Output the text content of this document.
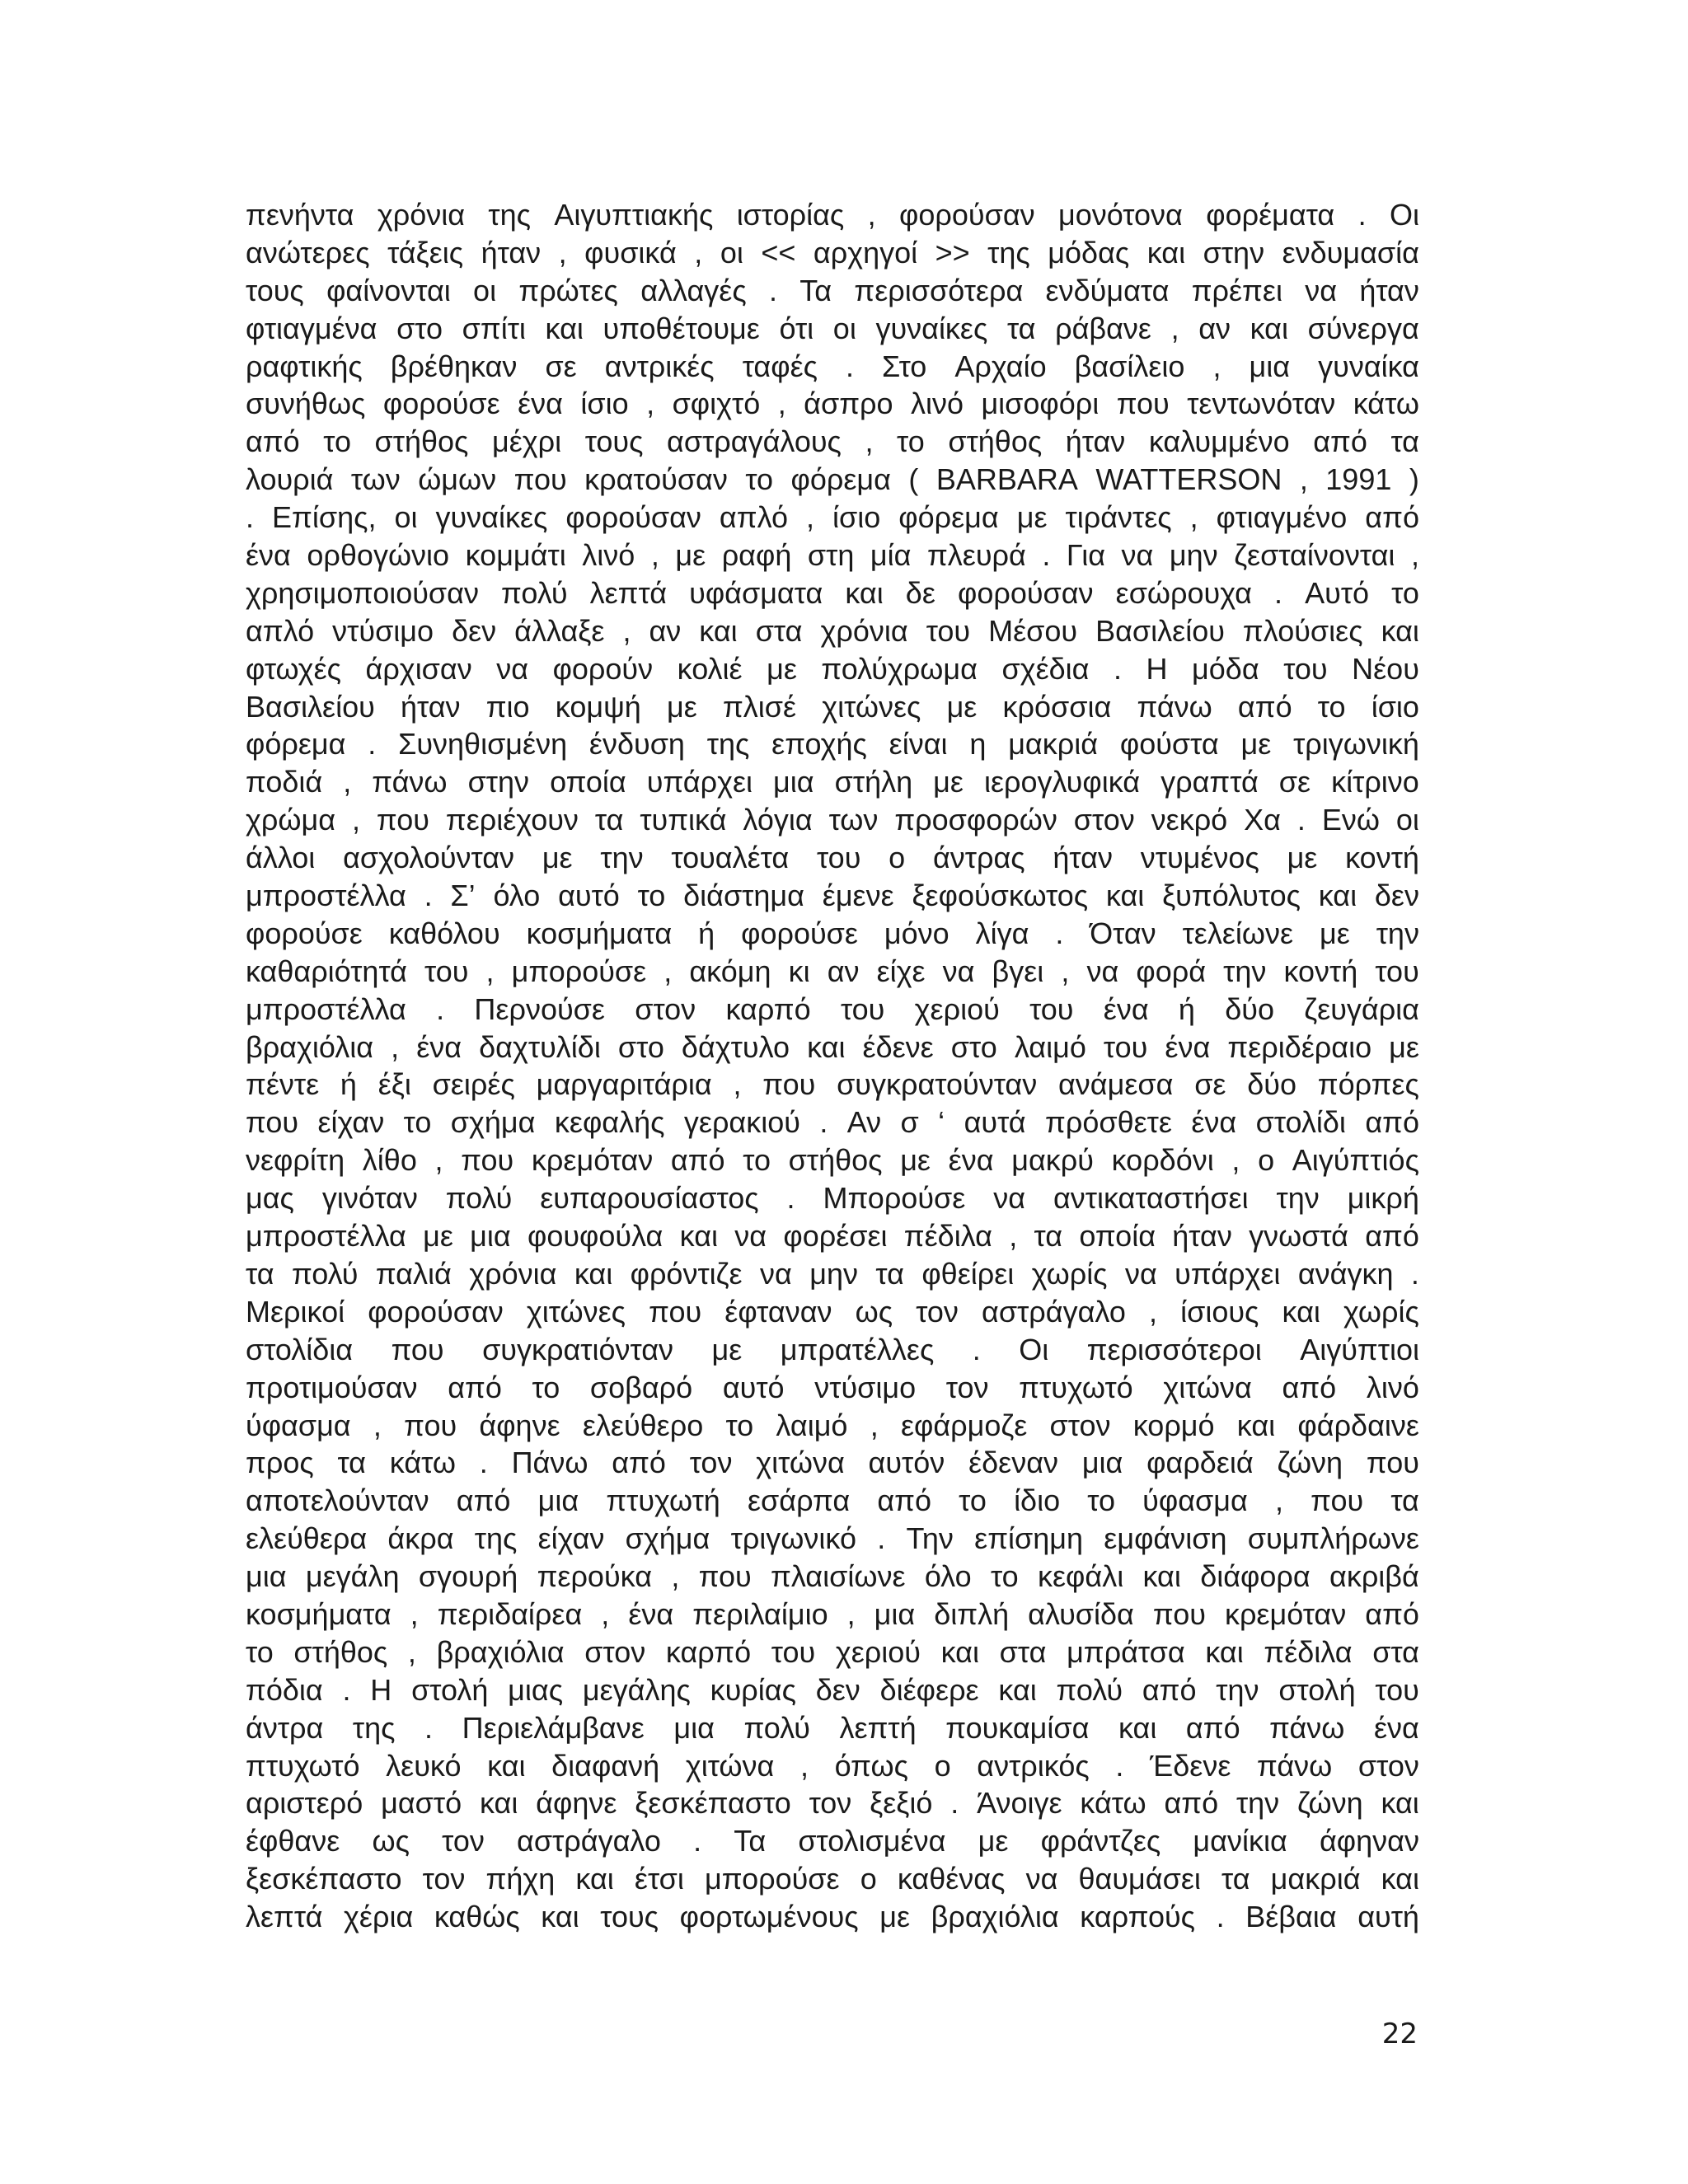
πενήντα χρόνια της Αιγυπτιακής ιστορίας , φορούσαν μονότονα φορέματα . Οι
ανώτερες τάξεις ήταν , φυσικά , οι << αρχηγοί >> της μόδας και στην ενδυμασία
τους φαίνονται οι πρώτες αλλαγές . Τα περισσότερα ενδύματα πρέπει να ήταν
φτιαγμένα στο σπίτι και υποθέτουμε ότι οι γυναίκες τα ράβανε , αν και σύνεργα
ραφτικής βρέθηκαν σε αντρικές ταφές . Στο Αρχαίο βασίλειο , μια γυναίκα
συνήθως φορούσε ένα ίσιο , σφιχτό , άσπρο λινό μισοφόρι που τεντωνόταν κάτω
από το στήθος μέχρι τους αστραγάλους , το στήθος ήταν καλυμμένο από τα
λουριά των ώμων που κρατούσαν το φόρεμα ( BARBARA WATTERSON , 1991 )
. Επίσης, οι γυναίκες φορούσαν απλό , ίσιο φόρεμα με τιράντες , φτιαγμένο από
ένα ορθογώνιο κομμάτι λινό , με ραφή στη μία πλευρά . Για να μην ζεσταίνονται ,
χρησιμοποιούσαν πολύ λεπτά υφάσματα και δε φορούσαν εσώρουχα . Αυτό το
απλό ντύσιμο δεν άλλαξε , αν και στα χρόνια του Μέσου Βασιλείου πλούσιες και
φτωχές άρχισαν να φορούν κολιέ με πολύχρωμα σχέδια . Η μόδα του Νέου
Βασιλείου ήταν πιο κομψή με πλισέ χιτώνες με κρόσσια πάνω από το ίσιο
φόρεμα . Συνηθισμένη ένδυση της εποχής είναι η μακριά φούστα με τριγωνική
ποδιά , πάνω στην οποία υπάρχει μια στήλη με ιερογλυφικά γραπτά σε κίτρινο
χρώμα , που περιέχουν τα τυπικά λόγια των προσφορών στον νεκρό Χα . Ενώ οι
άλλοι ασχολούνταν με την τουαλέτα του ο άντρας ήταν ντυμένος με κοντή
μπροστέλλα . Σ’ όλο αυτό το διάστημα έμενε ξεφούσκωτος και ξυπόλυτος και δεν
φορούσε καθόλου κοσμήματα ή φορούσε μόνο λίγα . Όταν τελείωνε με την
καθαριότητά του , μπορούσε , ακόμη κι αν είχε να βγει , να φορά την κοντή του
μπροστέλλα . Περνούσε στον καρπό του χεριού του ένα ή δύο ζευγάρια
βραχιόλια , ένα δαχτυλίδι στο δάχτυλο και έδενε στο λαιμό του ένα περιδέραιο με
πέντε ή έξι σειρές μαργαριτάρια , που συγκρατούνταν ανάμεσα σε δύο πόρπες
που είχαν το σχήμα κεφαλής γερακιού . Αν σ ‘ αυτά πρόσθετε ένα στολίδι από
νεφρίτη λίθο , που κρεμόταν από το στήθος με ένα μακρύ κορδόνι , ο Αιγύπτιός
μας γινόταν πολύ ευπαρουσίαστος . Μπορούσε να αντικαταστήσει την μικρή
μπροστέλλα με μια φουφούλα και να φορέσει πέδιλα , τα οποία ήταν γνωστά από
τα πολύ παλιά χρόνια και φρόντιζε να μην τα φθείρει χωρίς να υπάρχει ανάγκη .
Μερικοί φορούσαν χιτώνες που έφταναν ως τον αστράγαλο , ίσιους και χωρίς
στολίδια που συγκρατιόνταν με μπρατέλλες . Οι περισσότεροι Αιγύπτιοι
προτιμούσαν από το σοβαρό αυτό ντύσιμο τον πτυχωτό χιτώνα από λινό
ύφασμα , που άφηνε ελεύθερο το λαιμό , εφάρμοζε στον κορμό και φάρδαινε
προς τα κάτω . Πάνω από τον χιτώνα αυτόν έδεναν μια φαρδειά ζώνη που
αποτελούνταν από μια πτυχωτή εσάρπα από το ίδιο το ύφασμα , που τα
ελεύθερα άκρα της είχαν σχήμα τριγωνικό . Την επίσημη εμφάνιση συμπλήρωνε
μια μεγάλη σγουρή περούκα , που πλαισίωνε όλο το κεφάλι και διάφορα ακριβά
κοσμήματα , περιδαίρεα , ένα περιλαίμιο , μια διπλή αλυσίδα που κρεμόταν από
το στήθος , βραχιόλια στον καρπό του χεριού και στα μπράτσα και πέδιλα στα
πόδια . Η στολή μιας μεγάλης κυρίας δεν διέφερε και πολύ από την στολή του
άντρα της . Περιελάμβανε μια πολύ λεπτή πουκαμίσα και από πάνω ένα
πτυχωτό λευκό και διαφανή χιτώνα , όπως ο αντρικός . Έδενε πάνω στον
αριστερό μαστό και άφηνε ξεσκέπαστο τον ξεξιό . Άνοιγε κάτω από την ζώνη και
έφθανε ως τον αστράγαλο . Τα στολισμένα με φράντζες μανίκια άφηναν
ξεσκέπαστο τον πήχη και έτσι μπορούσε ο καθένας να θαυμάσει τα μακριά και
λεπτά χέρια καθώς και τους φορτωμένους με βραχιόλια καρπούς . Βέβαια αυτή
22
